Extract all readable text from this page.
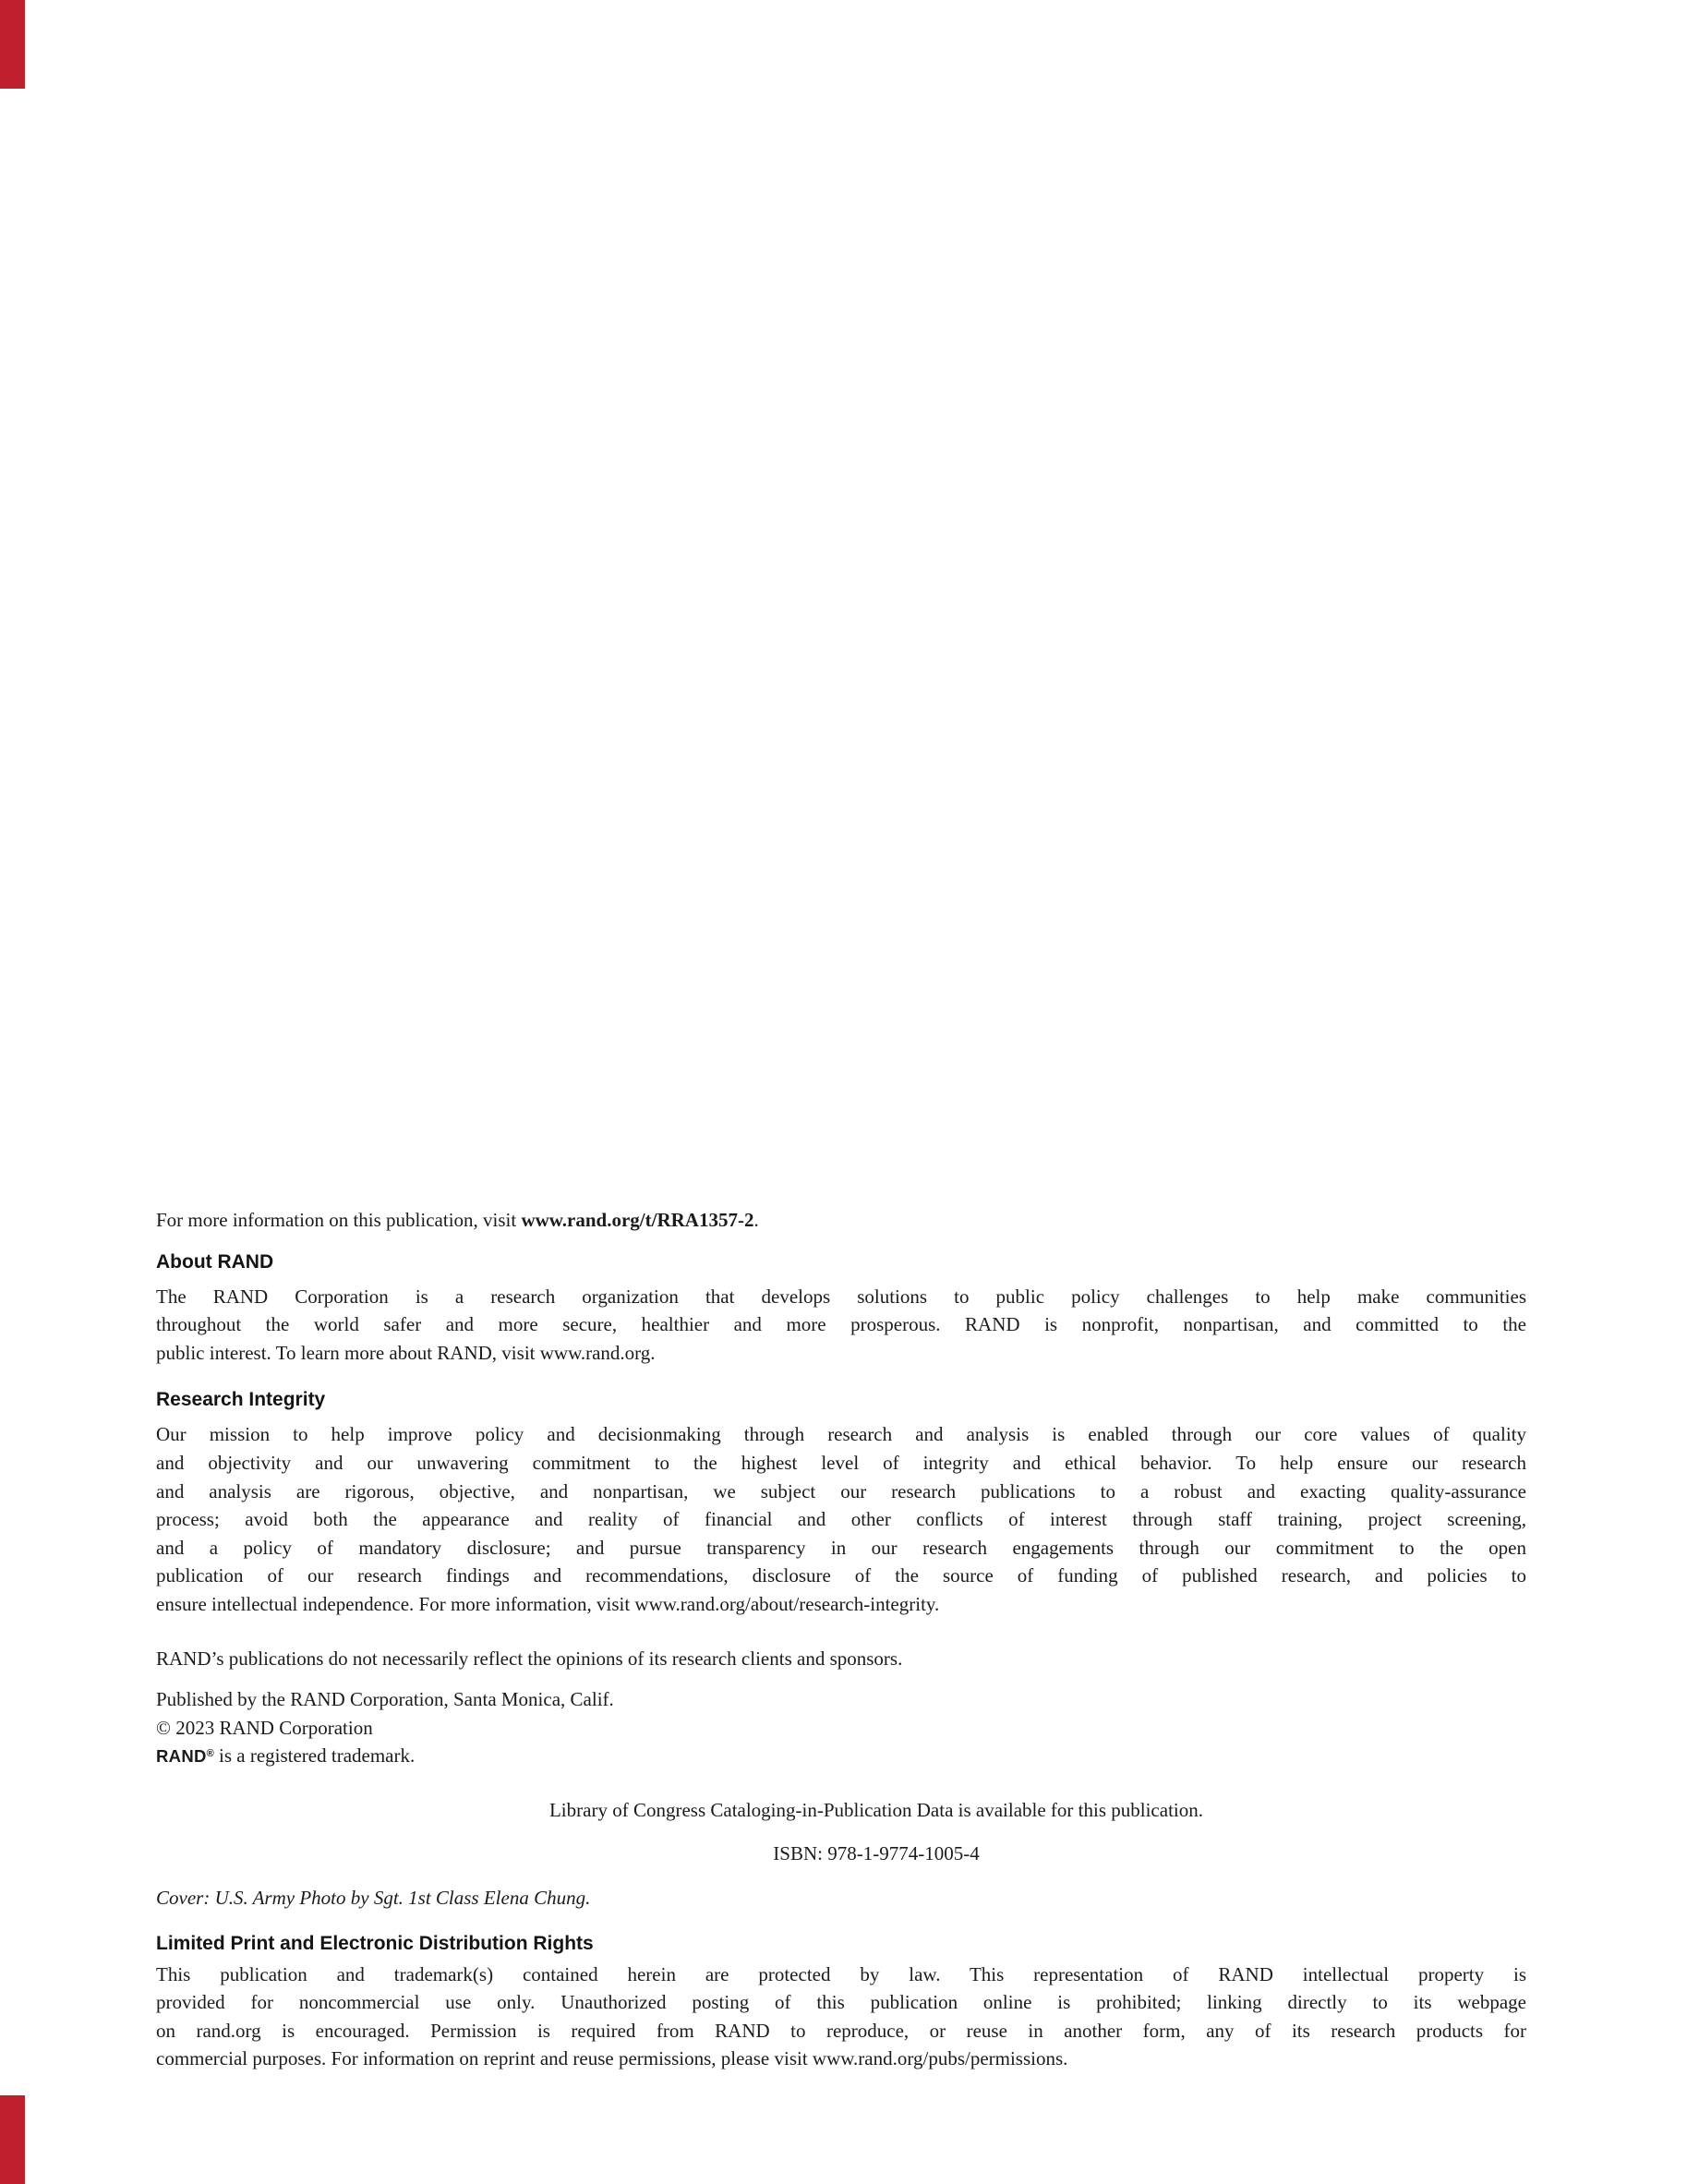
For more information on this publication, visit www.rand.org/t/RRA1357-2.

About RAND
The RAND Corporation is a research organization that develops solutions to public policy challenges to help make communities
throughout the world safer and more secure, healthier and more prosperous. RAND is nonprofit, nonpartisan, and committed to the
public interest. To learn more about RAND, visit www.rand.org.
Research Integrity
Our mission to help improve policy and decisionmaking through research and analysis is enabled through our core values of quality
and objectivity and our unwavering commitment to the highest level of integrity and ethical behavior. To help ensure our research
and analysis are rigorous, objective, and nonpartisan, we subject our research publications to a robust and exacting quality-assurance
process; avoid both the appearance and reality of financial and other conflicts of interest through staff training, project screening,
and a policy of mandatory disclosure; and pursue transparency in our research engagements through our commitment to the open
publication of our research findings and recommendations, disclosure of the source of funding of published research, and policies to
ensure intellectual independence. For more information, visit www.rand.org/about/research-integrity.

RAND’s publications do not necessarily reflect the opinions of its research clients and sponsors.

Published by the RAND Corporation, Santa Monica, Calif.
© 2023 RAND Corporation
RAND® is a registered trademark.

Library of Congress Cataloging-in-Publication Data is available for this publication.

ISBN: 978-1-9774-1005-4

Cover: U.S. Army Photo by Sgt. 1st Class Elena Chung.

Limited Print and Electronic Distribution Rights
This publication and trademark(s) contained herein are protected by law. This representation of RAND intellectual property is
provided for noncommercial use only. Unauthorized posting of this publication online is prohibited; linking directly to its webpage
on rand.org is encouraged. Permission is required from RAND to reproduce, or reuse in another form, any of its research products for
commercial purposes. For information on reprint and reuse permissions, please visit www.rand.org/pubs/permissions.
